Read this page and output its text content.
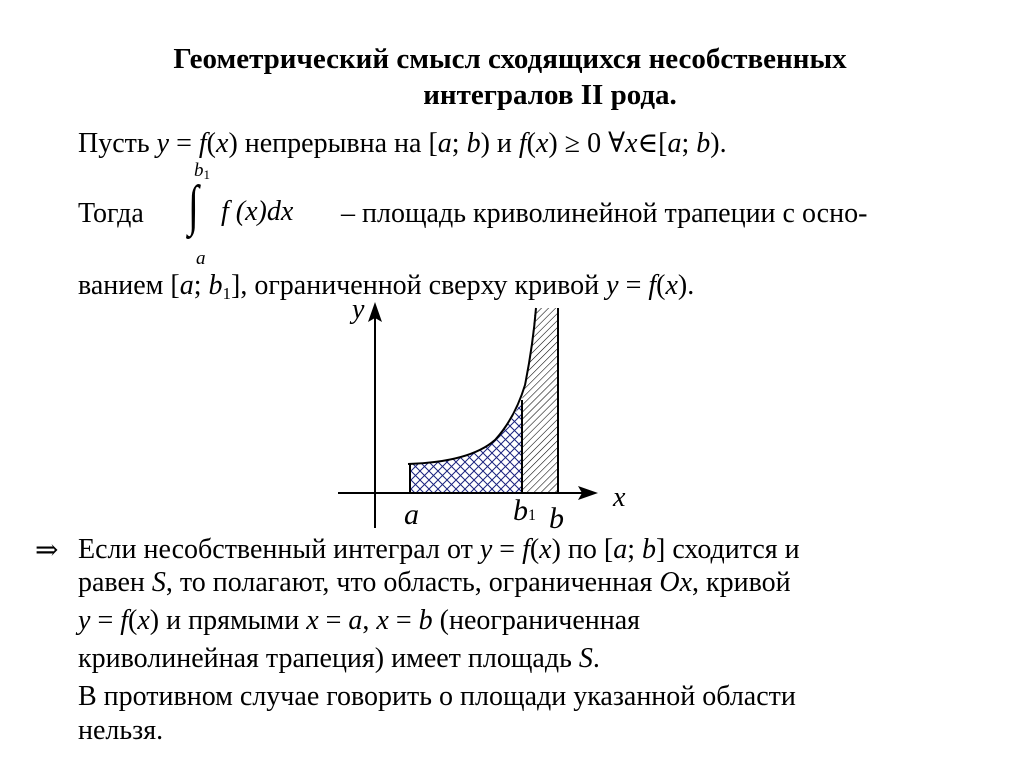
Геометрический смысл сходящихся несобственных
интегралов II рода.
Пусть y = f(x) непрерывна на [a; b) и f(x) ≥ 0 ∀x∈[a; b).
Тогда ∫
b1
a
f (x)dx – площадь криволинейной трапеции с осно-
ванием [a; $b_1$], ограниченной сверху кривой y = f(x).
y
x
a	b1 b
⇒ Если несобственный интеграл от y = f(x) по [a; b] сходится и
равен S, то полагают, что область, ограниченная Ox, кривой
y = f(x) и прямыми x = a, x = b (неограниченная
криволинейная трапеция) имеет площадь S.
В противном случае говорить о площади указанной области
нельзя.
